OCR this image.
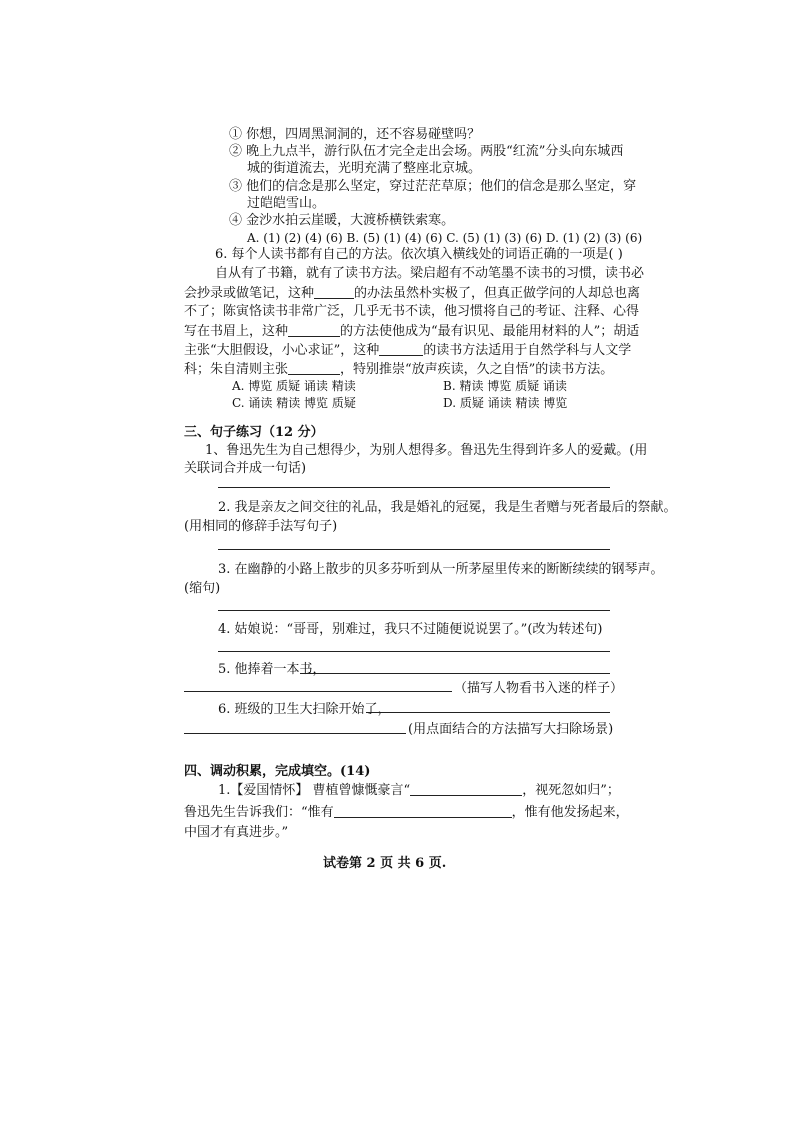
① 你想，四周黑洞洞的，还不容易碰壁吗？
② 晚上九点半，游行队伍才完全走出会场。两股“红流”分头向东城西
城的街道流去，光明充满了整座北京城。
③ 他们的信念是那么坚定，穿过茫茫草原；他们的信念是那么坚定，穿
过皑皑雪山。
④ 金沙水拍云崖暖，大渡桥横铁索寒。
A. (1) (2) (4) (6) B. (5) (1) (4) (6) C. (5) (1) (3) (6) D. (1) (2) (3) (6)
6. 每个人读书都有自己的方法。依次填入横线处的词语正确的一项是( )
自从有了书籍，就有了读书方法。梁启超有不动笔墨不读书的习惯，读书必
会抄录或做笔记，这种	的办法虽然朴实极了，但真正做学问的人却总也离
不了；陈寅恪读书非常广泛，几乎无书不读，他习惯将自己的考证、注释、心得
写在书眉上，这种	的方法使他成为“最有识见、最能用材料的人”；胡适
主张“大胆假设，小心求证”，这种	的读书方法适用于自然学科与人文学
科；朱自清则主张	，特别推崇“放声疾读，久之自悟”的读书方法。
A. 博览 质疑 诵读 精读	B. 精读 博览 质疑 诵读
C. 诵读 精读 博览 质疑	D. 质疑 诵读 精读 博览
三、句子练习（12 分）
1、鲁迅先生为自己想得少，为别人想得多。鲁迅先生得到许多人的爱戴。(用
关联词合并成一句话)
2. 我是亲友之间交往的礼品，我是婚礼的冠冕，我是生者赠与死者最后的祭献。
(用相同的修辞手法写句子)
3. 在幽静的小路上散步的贝多芬听到从一所茅屋里传来的断断续续的钢琴声。
(缩句)
4. 姑娘说：“哥哥，别难过，我只不过随便说说罢了。”(改为转述句)
5. 他捧着一本书，
（描写人物看书入迷的样子）
6. 班级的卫生大扫除开始了，
(用点面结合的方法描写大扫除场景)
四、调动积累，完成填空。(14)
1.【爱国情怀】 曹植曾慷慨豪言“	，视死忽如归”；
鲁迅先生告诉我们：“惟有	，惟有他发扬起来，
中国才有真进步。”
试卷第 2 页 共 6 页.
